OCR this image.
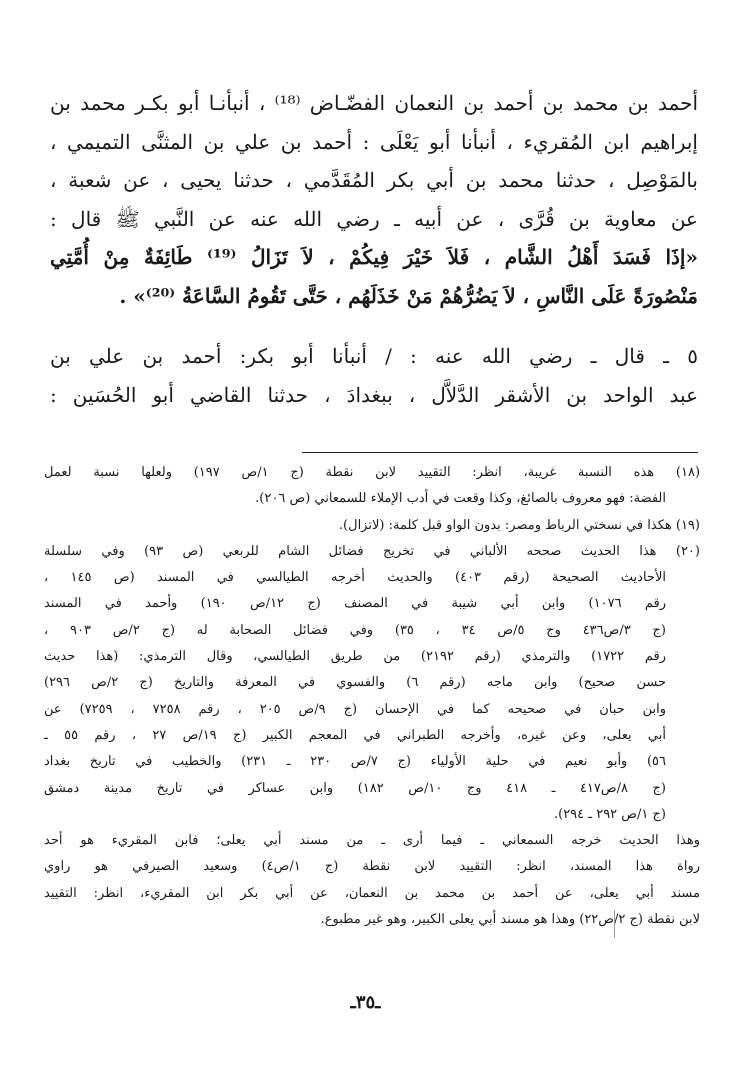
أحمد بن محمد بن أحمد بن النعمان الفضّـاض ⁽¹⁸⁾ ، أنبأنـا أبو بكـر محمد بن

إبراهيم ابن المُقريء ، أنبأنا أبو يَعْلَى : أحمد بن علي بن المثنَّى التميمي ،

بالمَوْصِل ، حدثنا محمد بن أبي بكر المُقَدَّمي ، حدثنا يحيى ، عن شعبة ،

عن معاوية بن قُرَّى ، عن أبيه ـ رضي الله عنه عن النَّبي ﷺ قال :

«إذَا فَسَدَ أَهْلُ الشَّام ، فَلاَ خَيْرَ فِيكُمْ ، لاَ تَزَالُ ⁽¹⁹⁾ طَائِفَةٌ مِنْ أُمَّتِي

مَنْصُورَةً عَلَى النَّاسِ ، لاَ يَضُرُّهُمْ مَنْ خَذَلَهُم ، حَتَّى تَقُومُ السَّاعَةُ ⁽²⁰⁾» .

٥ ـ قال ـ رضي الله عنه : / أنبأنا أبو بكر: أحمد بن علي بن

عبد الواحد بن الأشقر الدَّلاَّل ، ببغدادَ ، حدثنا القاضي أبو الحُسَين :

(١٨) هذه النسبة غريبة، انظر: التقييد لابن نقطة (ج ١/ص ١٩٧) ولعلها نسبة لعمل

الفضة: فهو معروف بالصائغ، وكذا وقعت في أدب الإملاء للسمعاني (ص ٢٠٦).

(١٩) هكذا في نسختي الرباط ومصر: بدون الواو قبل كلمة: (لاتزال).

(٢٠) هذا الحديث صححه الألباني في تخريج فضائل الشام للربعي (ص ٩٣) وفي سلسلة

الأحاديث الصحيحة (رقم ٤٠٣) والحديث أخرجه الطيالسي في المسند (ص ١٤٥ ،

رقم ١٠٧٦) وابن أبي شيبة في المصنف (ج ١٢/ص ١٩٠) وأحمد في المسند

(ج ٣/ص٤٣٦ وج ٥/ص ٣٤ ، ٣٥) وفي فضائل الصحابة له (ج ٢/ص ٩٠٣ ،

رقم ١٧٢٢) والترمذي (رقم ٢١٩٢) من طريق الطيالسي، وقال الترمذي: (هذا حديث

حسن صحيح) وابن ماجه (رقم ٦) والفسوي في المعرفة والتاريخ (ج ٢/ص ٢٩٦)

وابن حبان في صحيحه كما في الإحسان (ج ٩/ص ٢٠٥ ، رقم ٧٢٥٨ ، ٧٢٥٩) عن

أبي يعلى، وعن غيره، وأخرجه الطبراني في المعجم الكبير (ج ١٩/ص ٢٧ ، رقم ٥٥ ـ

٥٦) وأبو نعيم في حلية الأولياء (ج ٧/ص ٢٣٠ ـ ٢٣١) والخطيب في تاريخ بغداد

(ج ٨/ص٤١٧ ـ ٤١٨ وج ١٠/ص ١٨٢) وابن عساكر في تاريخ مدينة دمشق

(ج ١/ص ٢٩٢ ـ ٢٩٤).

وهذا الحديث خرجه السمعاني ـ فيما أرى ـ من مسند أبي يعلى؛ فابن المقريء هو أحد

رواة هذا المسند، انظر: التقييد لابن نقطة (ج ١/ص٤) وسعيد الصيرفي هو راوي

مسند أبي يعلى، عن أحمد بن محمد بن النعمان، عن أبي بكر ابن المقريء، انظر: التقييد

لابن نقطة (ج ٢/ص٢٢) وهذا هو مسند أبي يعلى الكبير، وهو غير مطبوع.

ـ٣٥ـ
